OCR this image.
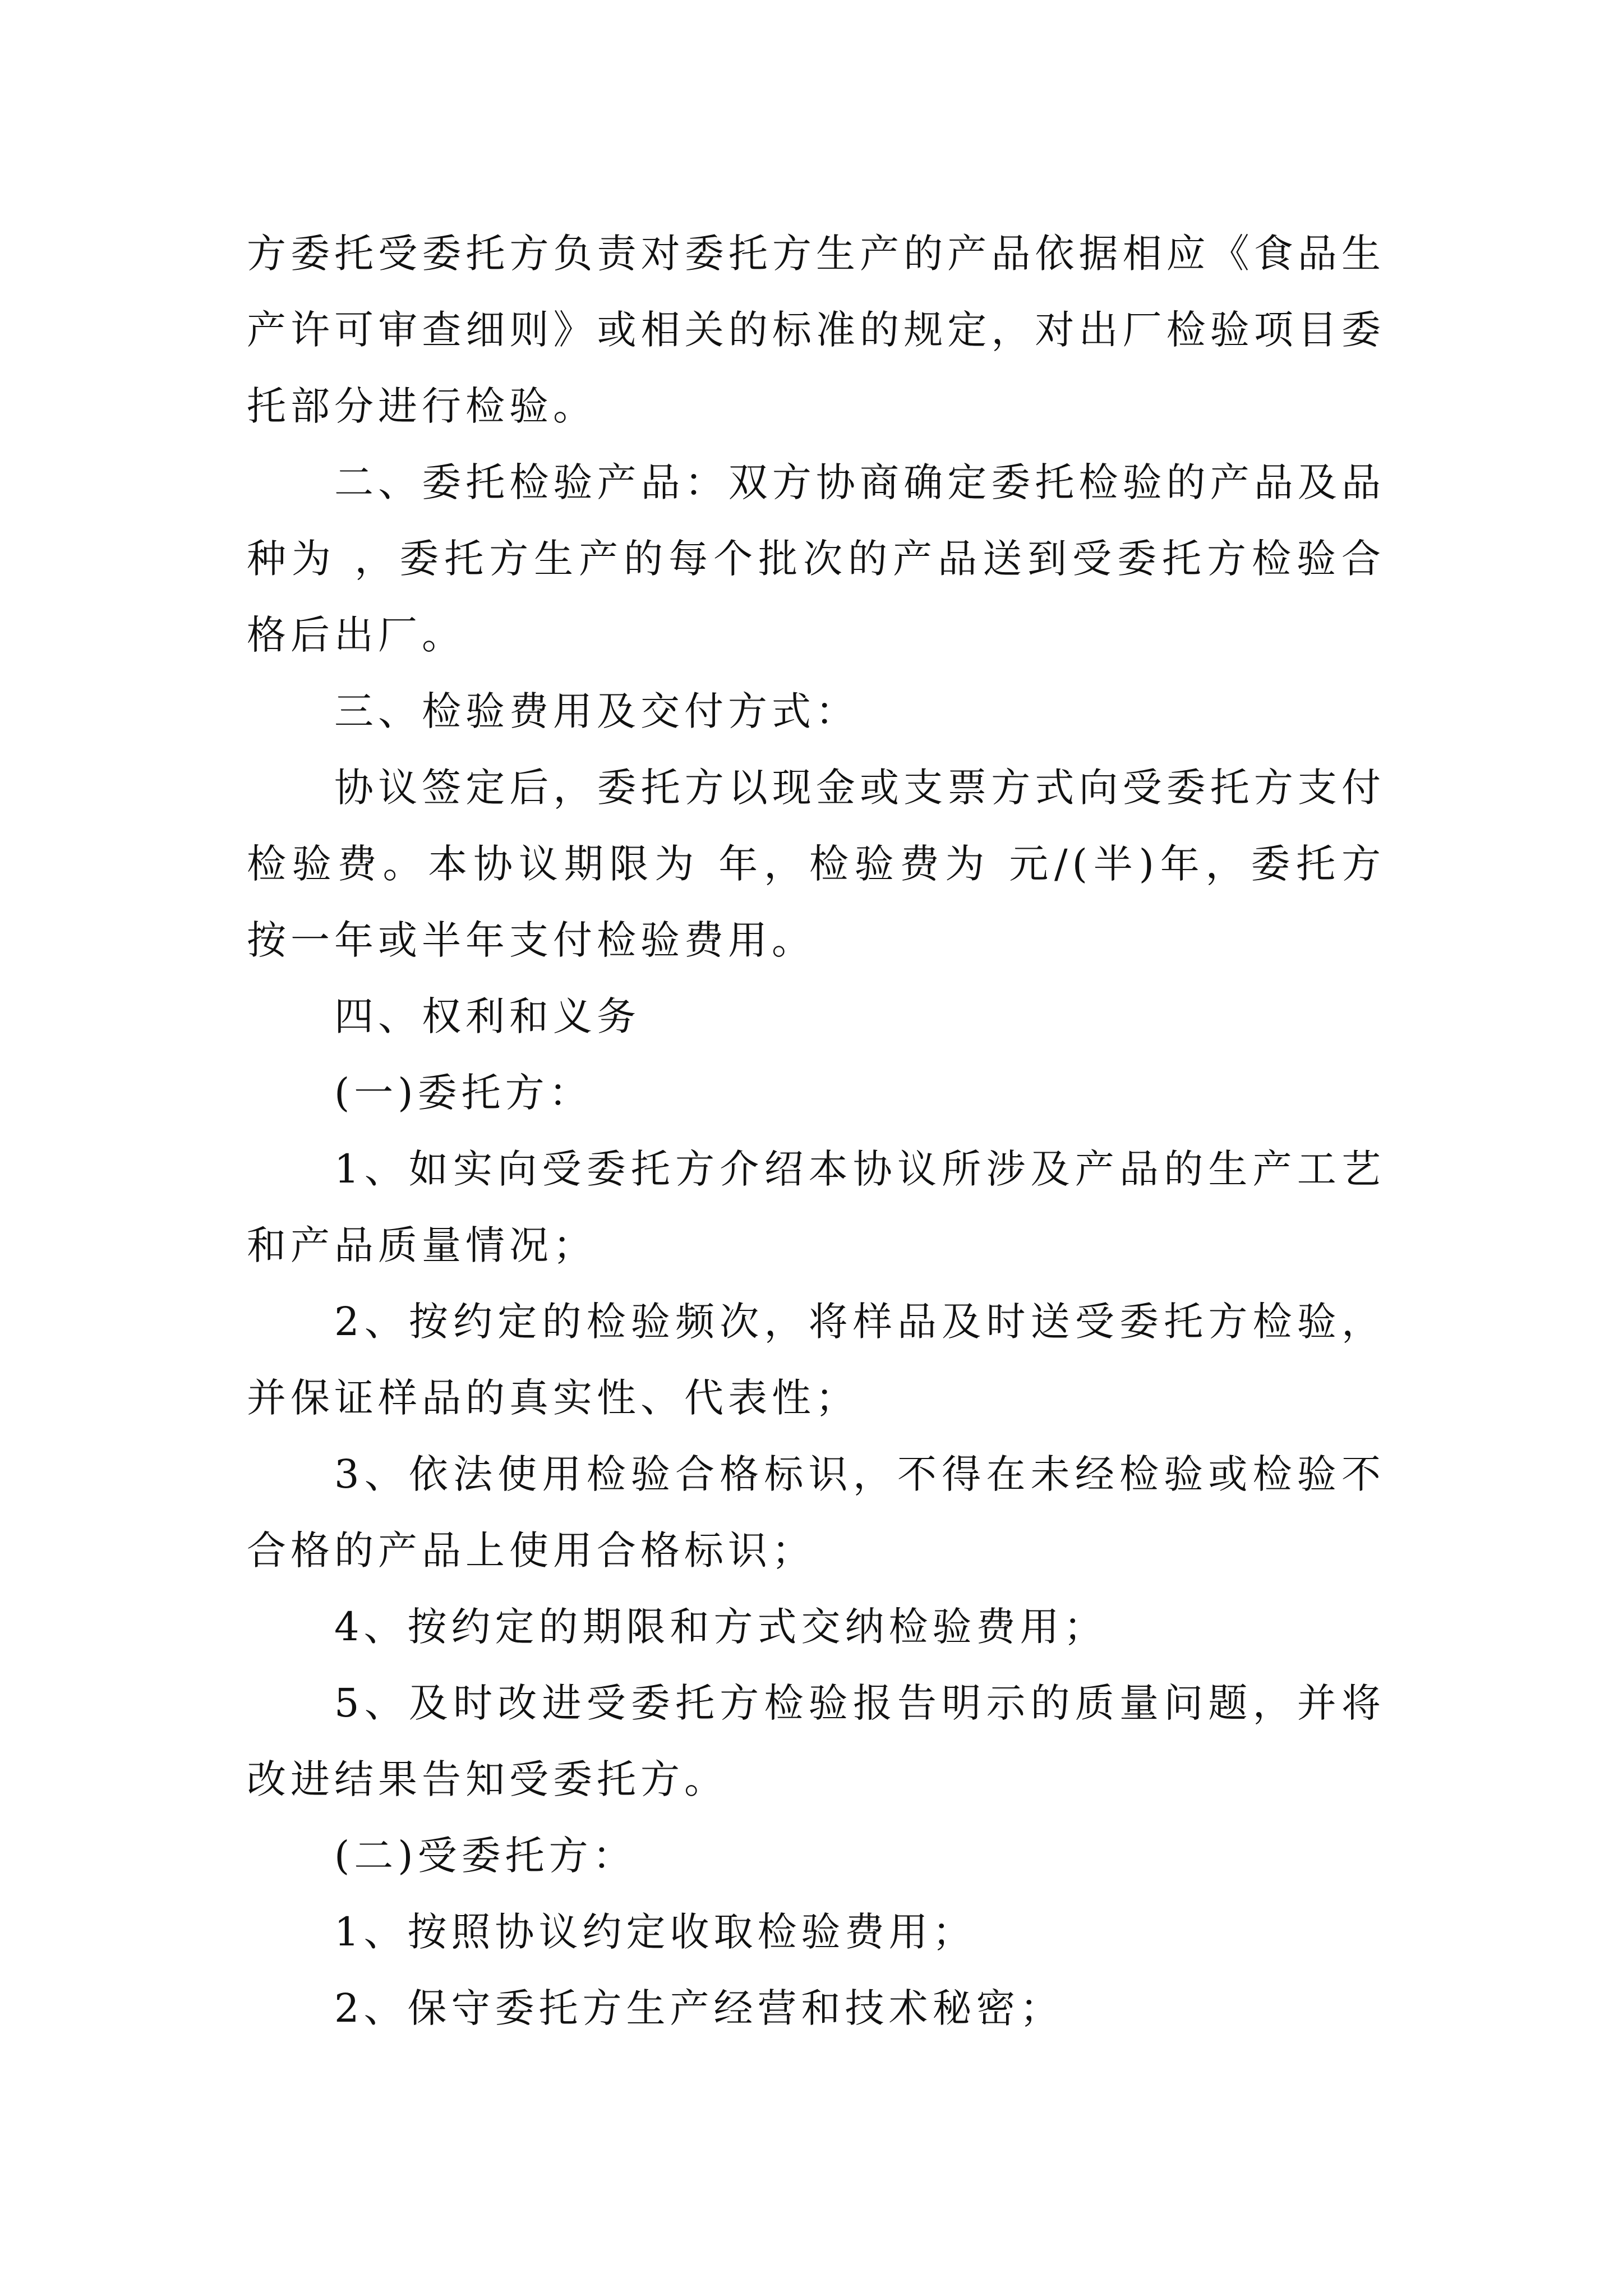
方委托受委托方负责对委托方生产的产品依据相应《食品生产许可审查细则》或相关的标准的规定，对出厂检验项目委托部分进行检验。

二、委托检验产品：双方协商确定委托检验的产品及品种为 ，委托方生产的每个批次的产品送到受委托方检验合格后出厂。

三、检验费用及交付方式：

协议签定后，委托方以现金或支票方式向受委托方支付检验费。本协议期限为 年，检验费为 元/(半)年，委托方按一年或半年支付检验费用。

四、权利和义务

(一)委托方：

1、如实向受委托方介绍本协议所涉及产品的生产工艺和产品质量情况；

2、按约定的检验频次，将样品及时送受委托方检验，并保证样品的真实性、代表性；

3、依法使用检验合格标识，不得在未经检验或检验不合格的产品上使用合格标识；

4、按约定的期限和方式交纳检验费用；

5、及时改进受委托方检验报告明示的质量问题，并将改进结果告知受委托方。

(二)受委托方：

1、按照协议约定收取检验费用；

2、保守委托方生产经营和技术秘密；
